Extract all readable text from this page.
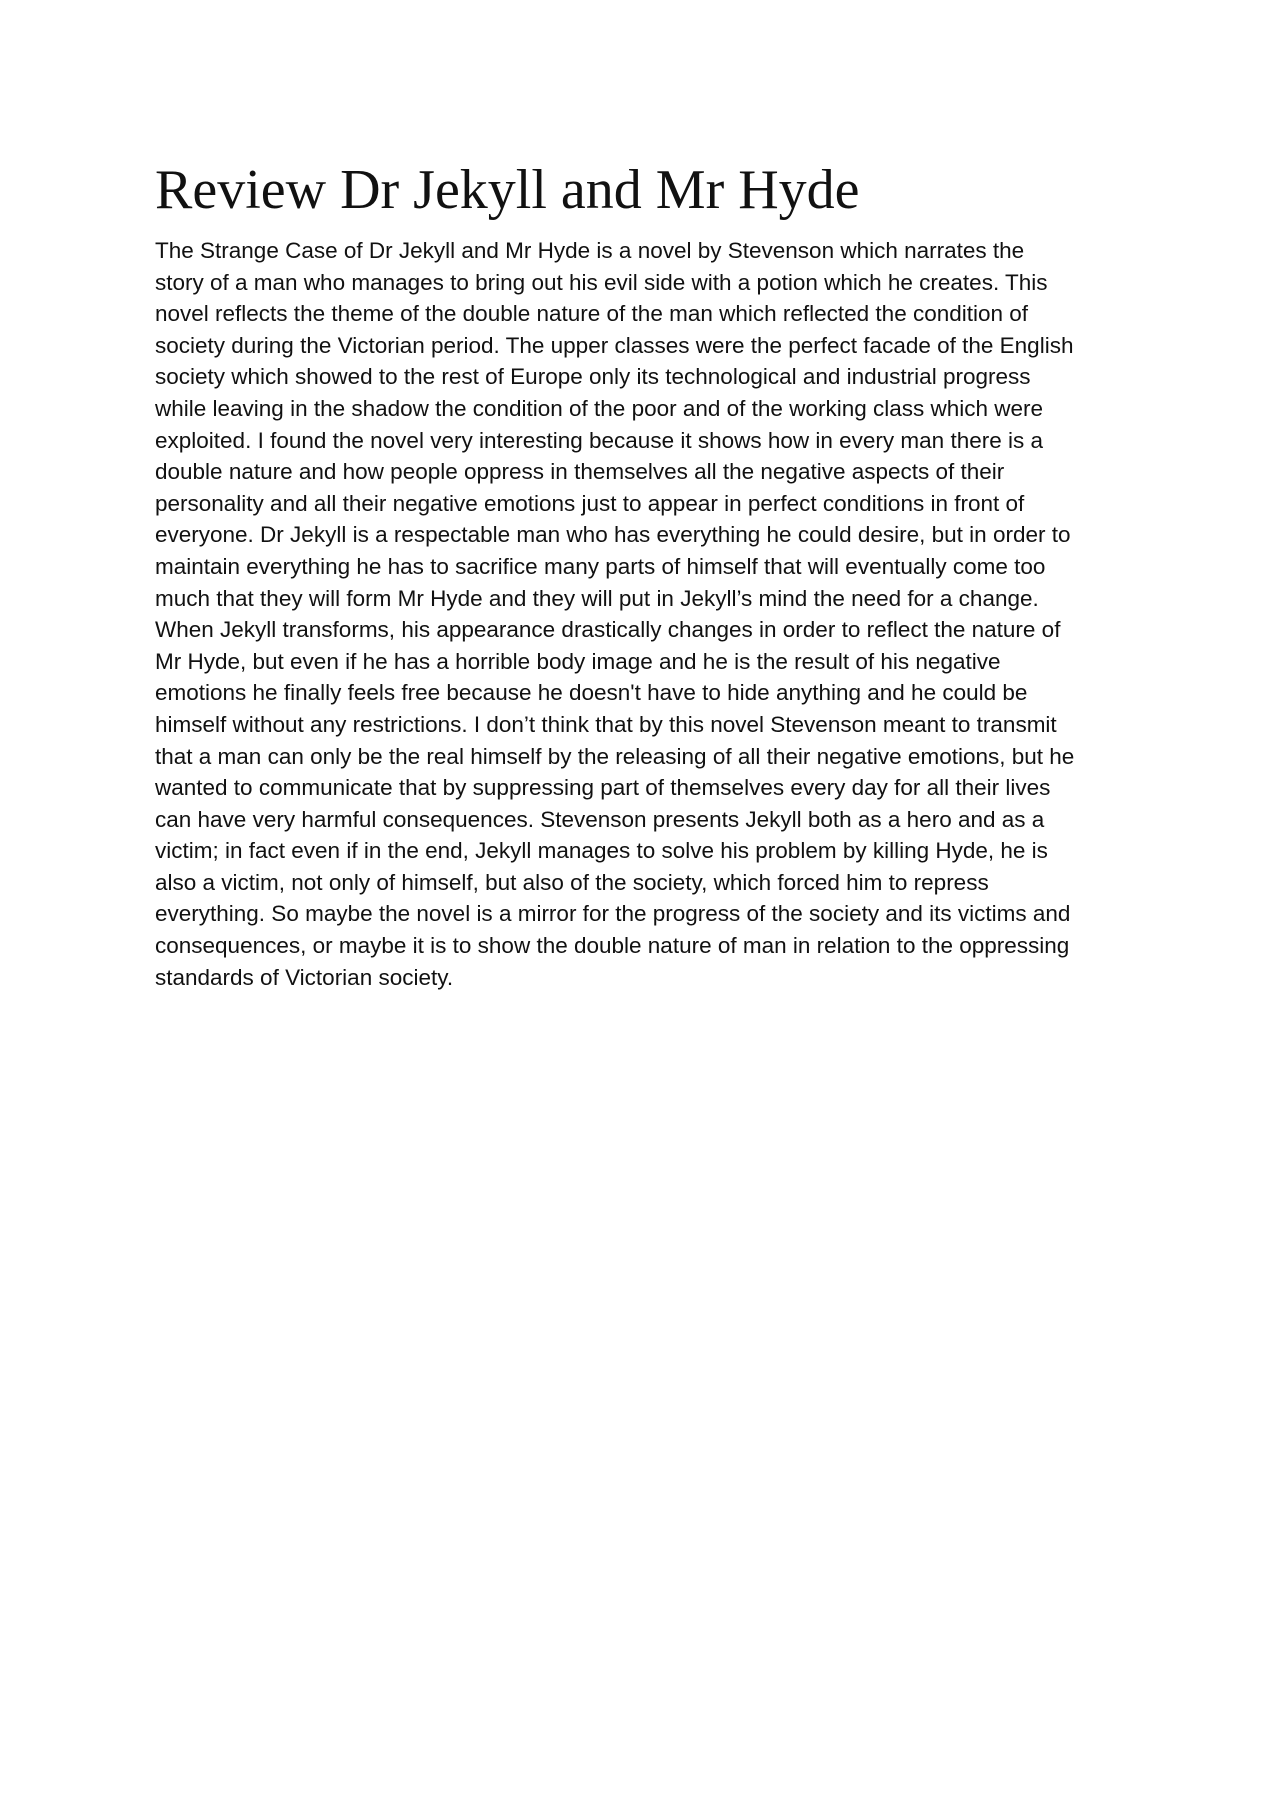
Review Dr Jekyll and Mr Hyde
The Strange Case of Dr Jekyll and Mr Hyde is a novel by Stevenson which narrates the
story of a man who manages to bring out his evil side with a potion which he creates. This
novel reflects the theme of the double nature of the man which reflected the condition of
society during the Victorian period. The upper classes were the perfect facade of the English
society which showed to the rest of Europe only its technological and industrial progress
while leaving in the shadow the condition of the poor and of the working class which were
exploited. I found the novel very interesting because it shows how in every man there is a
double nature and how people oppress in themselves all the negative aspects of their
personality and all their negative emotions just to appear in perfect conditions in front of
everyone. Dr Jekyll is a respectable man who has everything he could desire, but in order to
maintain everything he has to sacrifice many parts of himself that will eventually come too
much that they will form Mr Hyde and they will put in Jekyll’s mind the need for a change.
When Jekyll transforms, his appearance drastically changes in order to reflect the nature of
Mr Hyde, but even if he has a horrible body image and he is the result of his negative
emotions he finally feels free because he doesn't have to hide anything and he could be
himself without any restrictions. I don’t think that by this novel Stevenson meant to transmit
that a man can only be the real himself by the releasing of all their negative emotions, but he
wanted to communicate that by suppressing part of themselves every day for all their lives
can have very harmful consequences. Stevenson presents Jekyll both as a hero and as a
victim; in fact even if in the end, Jekyll manages to solve his problem by killing Hyde, he is
also a victim, not only of himself, but also of the society, which forced him to repress
everything. So maybe the novel is a mirror for the progress of the society and its victims and
consequences, or maybe it is to show the double nature of man in relation to the oppressing
standards of Victorian society.
